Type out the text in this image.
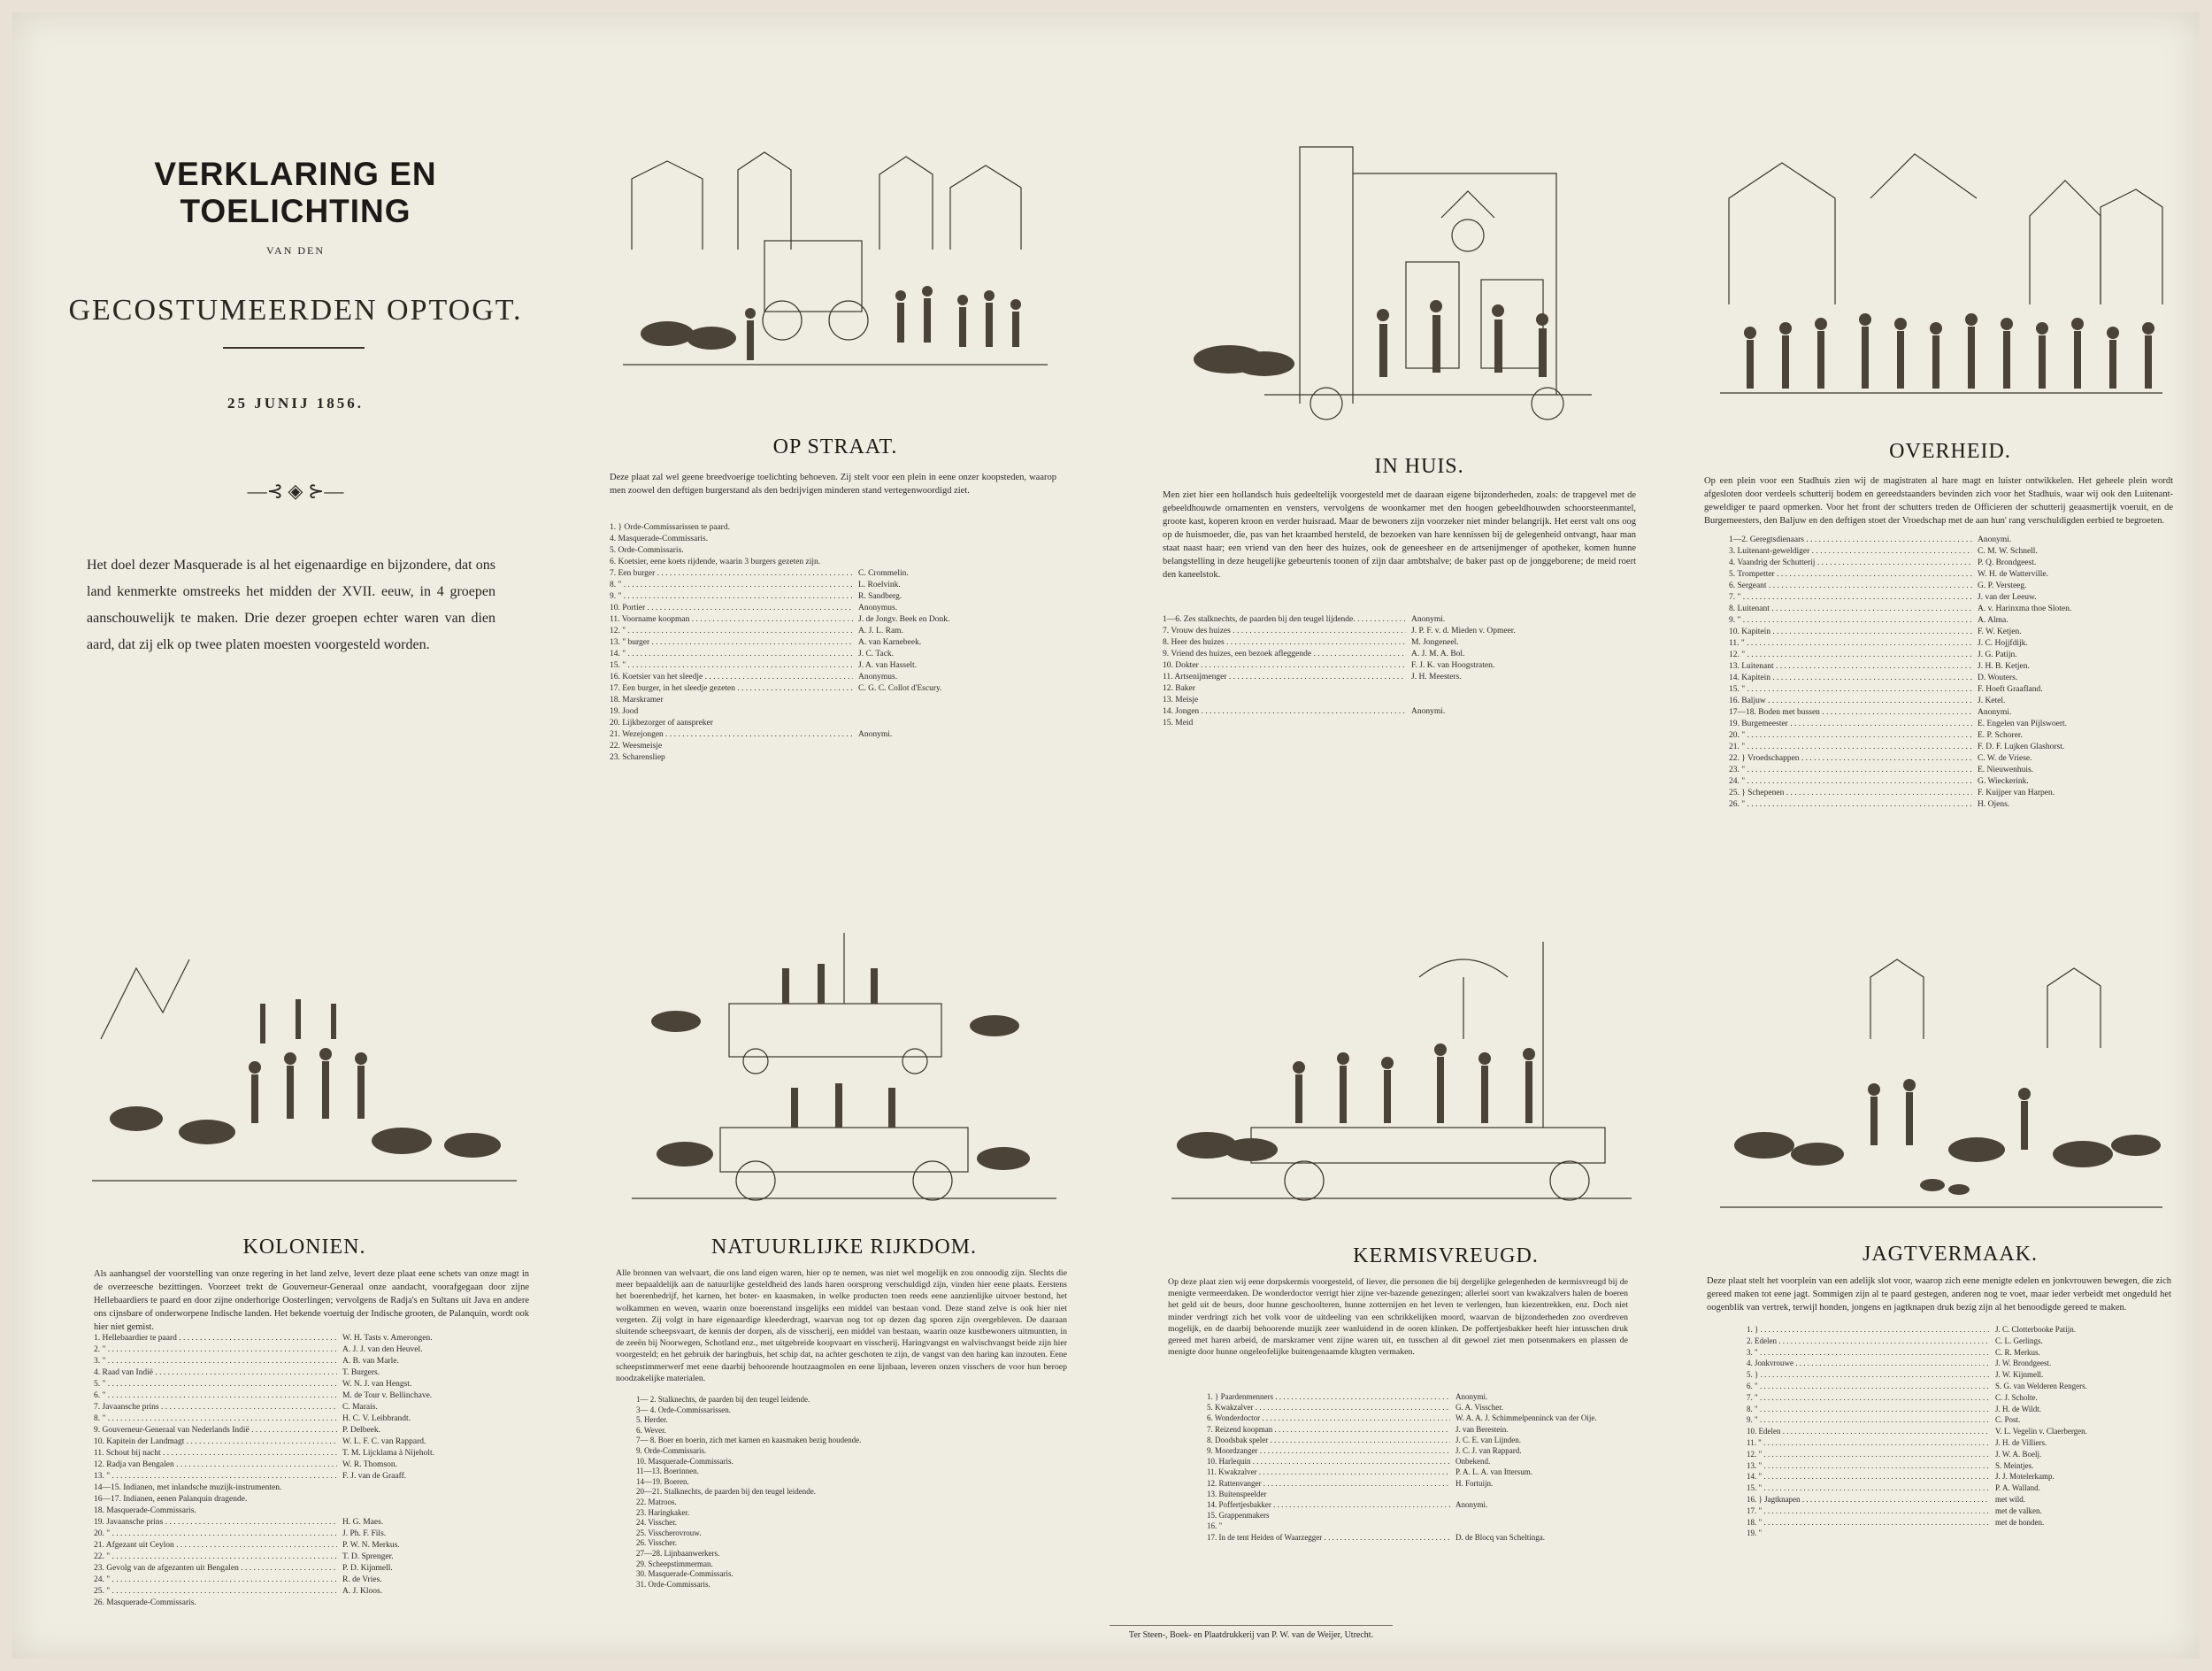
VERKLARING EN TOELICHTING
VAN DEN
GECOSTUMEERDEN OPTOGT.
25 JUNIJ 1856.
—⊰ ◈ ⊱—
Het doel dezer Masquerade is al het eigenaardige en bijzondere, dat ons land kenmerkte omstreeks het midden der XVII. eeuw, in 4 groepen aanschouwelijk te maken. Drie dezer groepen echter waren van dien aard, dat zij elk op twee platen moesten voorgesteld worden.
OP STRAAT.
Deze plaat zal wel geene breedvoerige toelichting behoeven. Zij stelt voor een plein in eene onzer koopsteden, waarop men zoowel den deftigen burgerstand als den bedrijvigen minderen stand vertegenwoordigd ziet.
1. } Orde-Commissarissen te paard.
4. Masquerade-Commissaris.
5. Orde-Commissaris.
6. Koetsier, eene koets rijdende, waarin 3 burgers gezeten zijn.
7. Een burger . . .	C. Crommelin.
8. " . . .	L. Roelvink.
9. " . . .	R. Sandberg.
10. Portier . . .	Anonymus.
11. Voorname koopman . . .	J. de Jongv. Beek en Donk.
12. " . . .	A. J. L. Ram.
13. " burger . . .	A. van Karnebeek.
14. " . . .	J. C. Tack.
15. " . . .	J. A. van Hasselt.
16. Koetsier van het sleedje . . .	Anonymus.
17. Een burger, in het sleedje gezeten . . .	C. G. C. Collot d'Escury.
18. Marskramer
19. Jood
20. Lijkbezorger of aanspreker
21. Wezejongen . . .	Anonymi.
22. Weesmeisje
23. Scharensliep
IN HUIS.
Men ziet hier een hollandsch huis gedeeltelijk voorgesteld met de daaraan eigene bijzonderheden, zoals: de trapgevel met de gebeeldhouwde ornamenten en vensters, vervolgens de woonkamer met den hoogen gebeeldhouwden schoorsteenmantel, groote kast, koperen kroon en verder huisraad. Maar de bewoners zijn voorzeker niet minder belangrijk. Het eerst valt ons oog op de huismoeder, die, pas van het kraambed hersteld, de bezoeken van hare kennissen bij de gelegenheid ontvangt, haar man staat naast haar; een vriend van den heer des huizes, ook de geneesheer en de artsenijmenger of apotheker, komen hunne belangstelling in deze heugelijke gebeurtenis toonen of zijn daar ambtshalve; de baker past op de jonggeborene; de meid roert den kaneelstok.
1—6. Zes stalknechts, de paarden bij den teugel lijdende. . . .	Anonymi.
7. Vrouw des huizes . . .	J. P. F. v. d. Mieden v. Opmeer.
8. Heer des huizes . . .	M. Jongeneel.
9. Vriend des huizes, een bezoek afleggende . . .	A. J. M. A. Bol.
10. Dokter . . .	F. J. K. van Hoogstraten.
11. Artsenijmenger . . .	J. H. Meesters.
12. Baker
13. Meisje
14. Jongen . . .	Anonymi.
15. Meid
OVERHEID.
Op een plein voor een Stadhuis zien wij de magistraten al hare magt en luister ontwikkelen. Het geheele plein wordt afgesloten door verdeels schutterij bodem en gereedstaanders bevinden zich voor het Stadhuis, waar wij ook den Luitenant-geweldiger te paard opmerken. Voor het front der schutters treden de Officieren der schutterij geaasmertijk voeruit, en de Burgemeesters, den Baljuw en den deftigen stoet der Vroedschap met de aan hun' rang verschuldigden eerbied te begroeten.
1—2. Geregtsdienaars . . .	Anonymi.
3. Luitenant-geweldiger . . .	C. M. W. Schnell.
4. Vaandrig der Schutterij . . .	P. Q. Brondgeest.
5. Trompetter . . .	W. H. de Watterville.
6. Sergeant . . .	G. P. Versteeg.
7. " . . .	J. van der Leeuw.
8. Luitenant . . .	A. v. Harinxma thoe Sloten.
9. " . . .	A. Alma.
10. Kapitein . . .	F. W. Ketjen.
11. " . . .	J. C. Hojjfdijk.
12. " . . .	J. G. Patijn.
13. Luitenant . . .	J. H. B. Ketjen.
14. Kapitein . . .	D. Wouters.
15. " . . .	F. Hoeft Graafland.
16. Baljuw . . .	J. Ketel.
17—18. Boden met bussen . . .	Anonymi.
19. Burgemeester . . .	E. Engelen van Pijlswoert.
20. " . . .	E. P. Schorer.
21. " . . .	F. D. F. Lujken Glashorst.
22. } Vroedschappen . . .	C. W. de Vriese.
23. " . . .	E. Nieuwenhuis.
24. " . . .	G. Wieckerink.
25. } Schepenen . . .	F. Kuijper van Harpen.
26. " . . .	H. Ojens.
KOLONIEN.
Als aanhangsel der voorstelling van onze regering in het land zelve, levert deze plaat eene schets van onze magt in de overzeesche bezittingen. Voorzeet trekt de Gouverneur-Generaal onze aandacht, voorafgegaan door zijne Hellebaardiers te paard en door zijne onderhorige Oosterlingen; vervolgens de Radja's en Sultans uit Java en andere ons cijnsbare of onderworpene Indische landen. Het bekende voertuig der Indische grooten, de Palanquin, wordt ook hier niet gemist.
1. Hellebaardier te paard . . .	W. H. Tasts v. Amerongen.
2. " . . .	A. J. J. van den Heuvel.
3. " . . .	A. B. van Marle.
4. Raad van Indië . . .	T. Burgers.
5. " . . .	W. N. J. van Hengst.
6. " . . .	M. de Tour v. Bellinchave.
7. Javaansche prins . . .	C. Marais.
8. " . . .	H. C. V. Leibbrandt.
9. Gouverneur-Generaal van Nederlands Indië . . .	P. Delbeek.
10. Kapitein der Landmagt . . .	W. L. F. C. van Rappard.
11. Schout bij nacht . . .	T. M. Lijcklama à Nijeholt.
12. Radja van Bengalen . . .	W. R. Thomson.
13. " . . .	F. J. van de Graaff.
14—15. Indianen, met inlandsche muzijk-instrumenten.
16—17. Indianen, eenen Palanquin dragende.
18. Masquerade-Commissaris.
19. Javaansche prins . . .	H. G. Maes.
20. " . . .	J. Ph. F. Fils.
21. Afgezant uit Ceylon . . .	P. W. N. Merkus.
22. " . . .	T. D. Sprenger.
23. Gevolg van de afgezanten uit Bengalen . . .	P. D. Kijnmell.
24. " . . .	R. de Vries.
25. " . . .	A. J. Kloos.
26. Masquerade-Commissaris.
NATUURLIJKE RIJKDOM.
Alle bronnen van welvaart, die ons land eigen waren, hier op te nemen, was niet wel mogelijk en zou onnoodig zijn. Slechts die meer bepaaldelijk aan de natuurlijke gesteldheid des lands haren oorsprong verschuldigd zijn, vinden hier eene plaats. Eerstens het boerenbedrijf, het karnen, het boter- en kaasmaken, in welke producten toen reeds eene aanzienlijke uitvoer bestond, het wolkammen en weven, waarin onze boerenstand insgelijks een middel van bestaan vond. Deze stand zelve is ook hier niet vergeten. Zij volgt in hare eigenaardige kleederdragt, waarvan nog tot op dezen dag sporen zijn overgebleven. De daaraan sluitende scheepsvaart, de kennis der dorpen, als de visscherij, een middel van bestaan, waarin onze kustbewoners uitmuntten, in de zeeën bij Noorwegen, Schotland enz., met uitgebreide koopvaart en visscherij. Haringvangst en walvischvangst beide zijn hier voorgesteld; en het gebruik der haringbuis, het schip dat, na achter geschoten te zijn, de vangst van den haring kan inzouten. Eene scheepstimmerwerf met eene daarbij behoorende houtzaagmolen en eene lijnbaan, leveren onzen visschers de voor hun beroep noodzakelijke materialen.
1— 2. Stalknechts, de paarden bij den teugel leidende.
3— 4. Orde-Commissarissen.
5. Herder.
6. Wever.
7— 8. Boer en boerin, zich met karnen en kaasmaken bezig houdende.
9. Orde-Commissaris.
10. Masquerade-Commissaris.
11—13. Boerinnen.
14—19. Boeren.
20—21. Stalknechts, de paarden bij den teugel leidende.
22. Matroos.
23. Haringkaker.
24. Visscher.
25. Visscherovrouw.
26. Visscher.
27—28. Lijnbaanwerkers.
29. Scheepstimmerman.
30. Masquerade-Commissaris.
31. Orde-Commissaris.
KERMISVREUGD.
Op deze plaat zien wij eene dorpskermis voorgesteld, of liever, die personen die bij dergelijke gelegenheden de kermisvreugd bij de menigte vermeerdaken. De wonderdoctor verrigt hier zijne ver-bazende genezingen; allerlei soort van kwakzalvers halen de boeren het geld uit de beurs, door hunne geschoolteren, hunne zotternijen en het leven te verlengen, hun kiezentrekken, enz. Doch niet minder verdringt zich het volk voor de uitdeeling van een schrikkelijken moord, waarvan de bijzonderheden zoo overdreven mogelijk, en de daarbij behoorende muzijk zeer wanluidend in de ooren klinken. De poffertjesbakker heeft hier intusschen druk gereed met haren arbeid, de marskramer vent zijne waren uit, en tusschen al dit gewoel ziet men potsenmakers en plassen de menigte door hunne ongeleofelijke buitengenaamde klugten vermaken.
1. } Paardenmenners . . .	Anonymi.
5. Kwakzalver . . .	G. A. Visscher.
6. Wonderdoctor . . .	W. A. A. J. Schimmelpenninck van der Oije.
7. Reizend koopman . . .	J. van Berestein.
8. Doodsbak speler . . .	J. C. E. van Lijnden.
9. Moordzanger . . .	J. C. J. van Rappard.
10. Harlequin . . .	Onbekend.
11. Kwakzalver . . .	P. A. L. A. van Ittersum.
12. Rattenvanger . . .	H. Fortuijn.
13. Buitenspeelder
14. Poffertjesbakker . . .	Anonymi.
15. Grappenmakers
16. "
17. In de tent Heiden of Waarzegger . . .	D. de Blocq van Scheltinga.
JAGTVERMAAK.
Deze plaat stelt het voorplein van een adelijk slot voor, waarop zich eene menigte edelen en jonkvrouwen bewegen, die zich gereed maken tot eene jagt. Sommigen zijn al te paard gestegen, anderen nog te voet, maar ieder verbeidt met ongeduld het oogenblik van vertrek, terwijl honden, jongens en jagtknapen druk bezig zijn al het benoodigde gereed te maken.
1. } . . .	J. C. Clotterbooke Patijn.
2. Edelen . . .	C. L. Gerlings.
3. " . . .	C. R. Merkus.
4. Jonkvrouwe . . .	J. W. Brondgeest.
5. } . . .	J. W. Kijnmell.
6. " . . .	S. G. van Welderen Rengers.
7. " . . .	C. J. Scholte.
8. " . . .	J. H. de Wildt.
9. " . . .	C. Post.
10. Edelen . . .	V. L. Vegelin v. Claerbergen.
11. " . . .	J. H. de Villiers.
12. " . . .	J. W. A. Boelj.
13. " . . .	S. Meintjes.
14. " . . .	J. J. Motelerkamp.
15. " . . .	P. A. Walland.
16. } Jagtknapen . . .	met wild.
17. " . . .	met de valken.
18. " . . .	met de honden.
19. "
Ter Steen-, Boek- en Plaatdrukkerij van P. W. van de Weijer, Utrecht.
